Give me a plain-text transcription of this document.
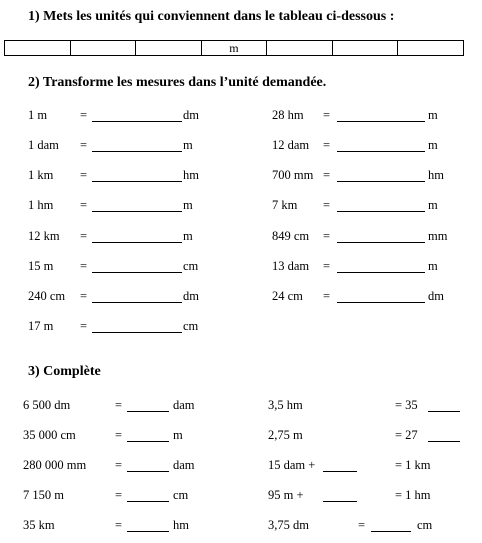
1) Mets les unités qui conviennent dans le tableau ci-dessous :
			m			
2) Transforme les mesures dans l’unité demandée.
1 m	=	dm
1 dam =	m
1 km =	hm
1 hm =	m
12 km =	m
15 m =	cm
240 cm =	dm
17 m =	cm
28 hm =	m
12 dam =	m
700 mm =	hm
7 km =	m
849 cm =	mm
13 dam =	m
24 cm =	dm
3) Complète
6 500 dm	=	dam
35 000 cm	=	m
280 000 mm =	dam
7 150 m	=	cm
35 km	=	hm
3,5 hm	= 35
2,75 m	= 27
15 dam +	= 1 km
95 m +	= 1 hm
3,75 dm	=	cm
